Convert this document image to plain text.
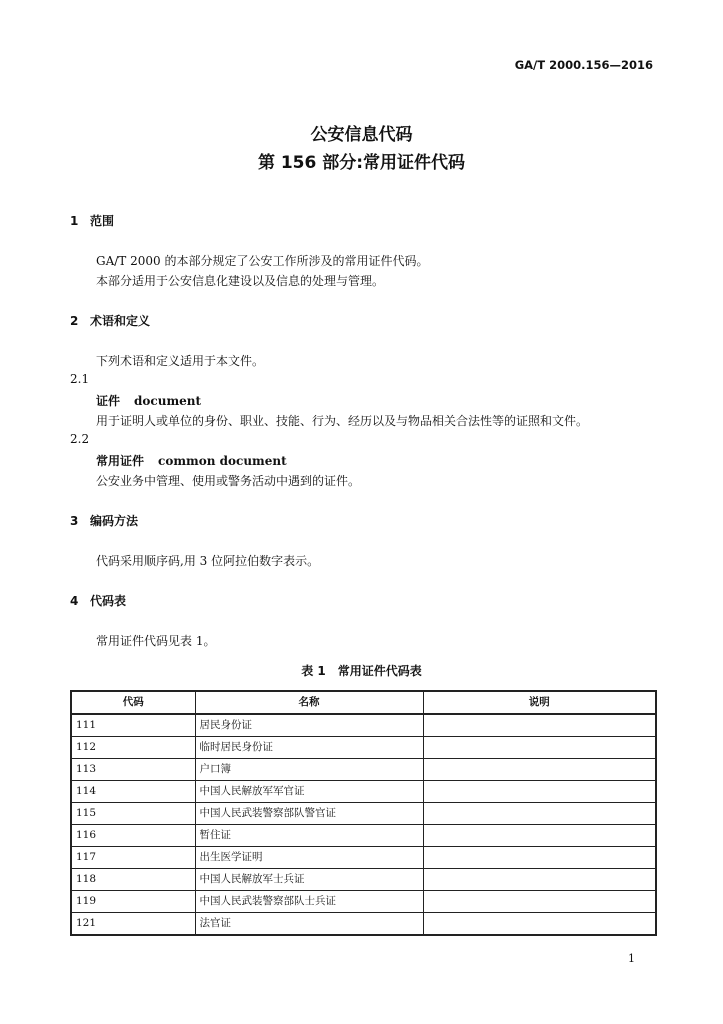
GA/T 2000.156—2016
公安信息代码
第 156 部分:常用证件代码
1 范围
GA/T 2000 的本部分规定了公安工作所涉及的常用证件代码。
本部分适用于公安信息化建设以及信息的处理与管理。
2 术语和定义
下列术语和定义适用于本文件。
2.1
证件 document
用于证明人或单位的身份、职业、技能、行为、经历以及与物品相关合法性等的证照和文件。
2.2
常用证件 common document
公安业务中管理、使用或警务活动中遇到的证件。
3 编码方法
代码采用顺序码,用 3 位阿拉伯数字表示。
4 代码表
常用证件代码见表 1。
表 1　常用证件代码表
代码	名称	说明
111	居民身份证	
112	临时居民身份证	
113	户口簿	
114	中国人民解放军军官证	
115	中国人民武装警察部队警官证	
116	暂住证	
117	出生医学证明	
118	中国人民解放军士兵证	
119	中国人民武装警察部队士兵证	
121	法官证	
1
